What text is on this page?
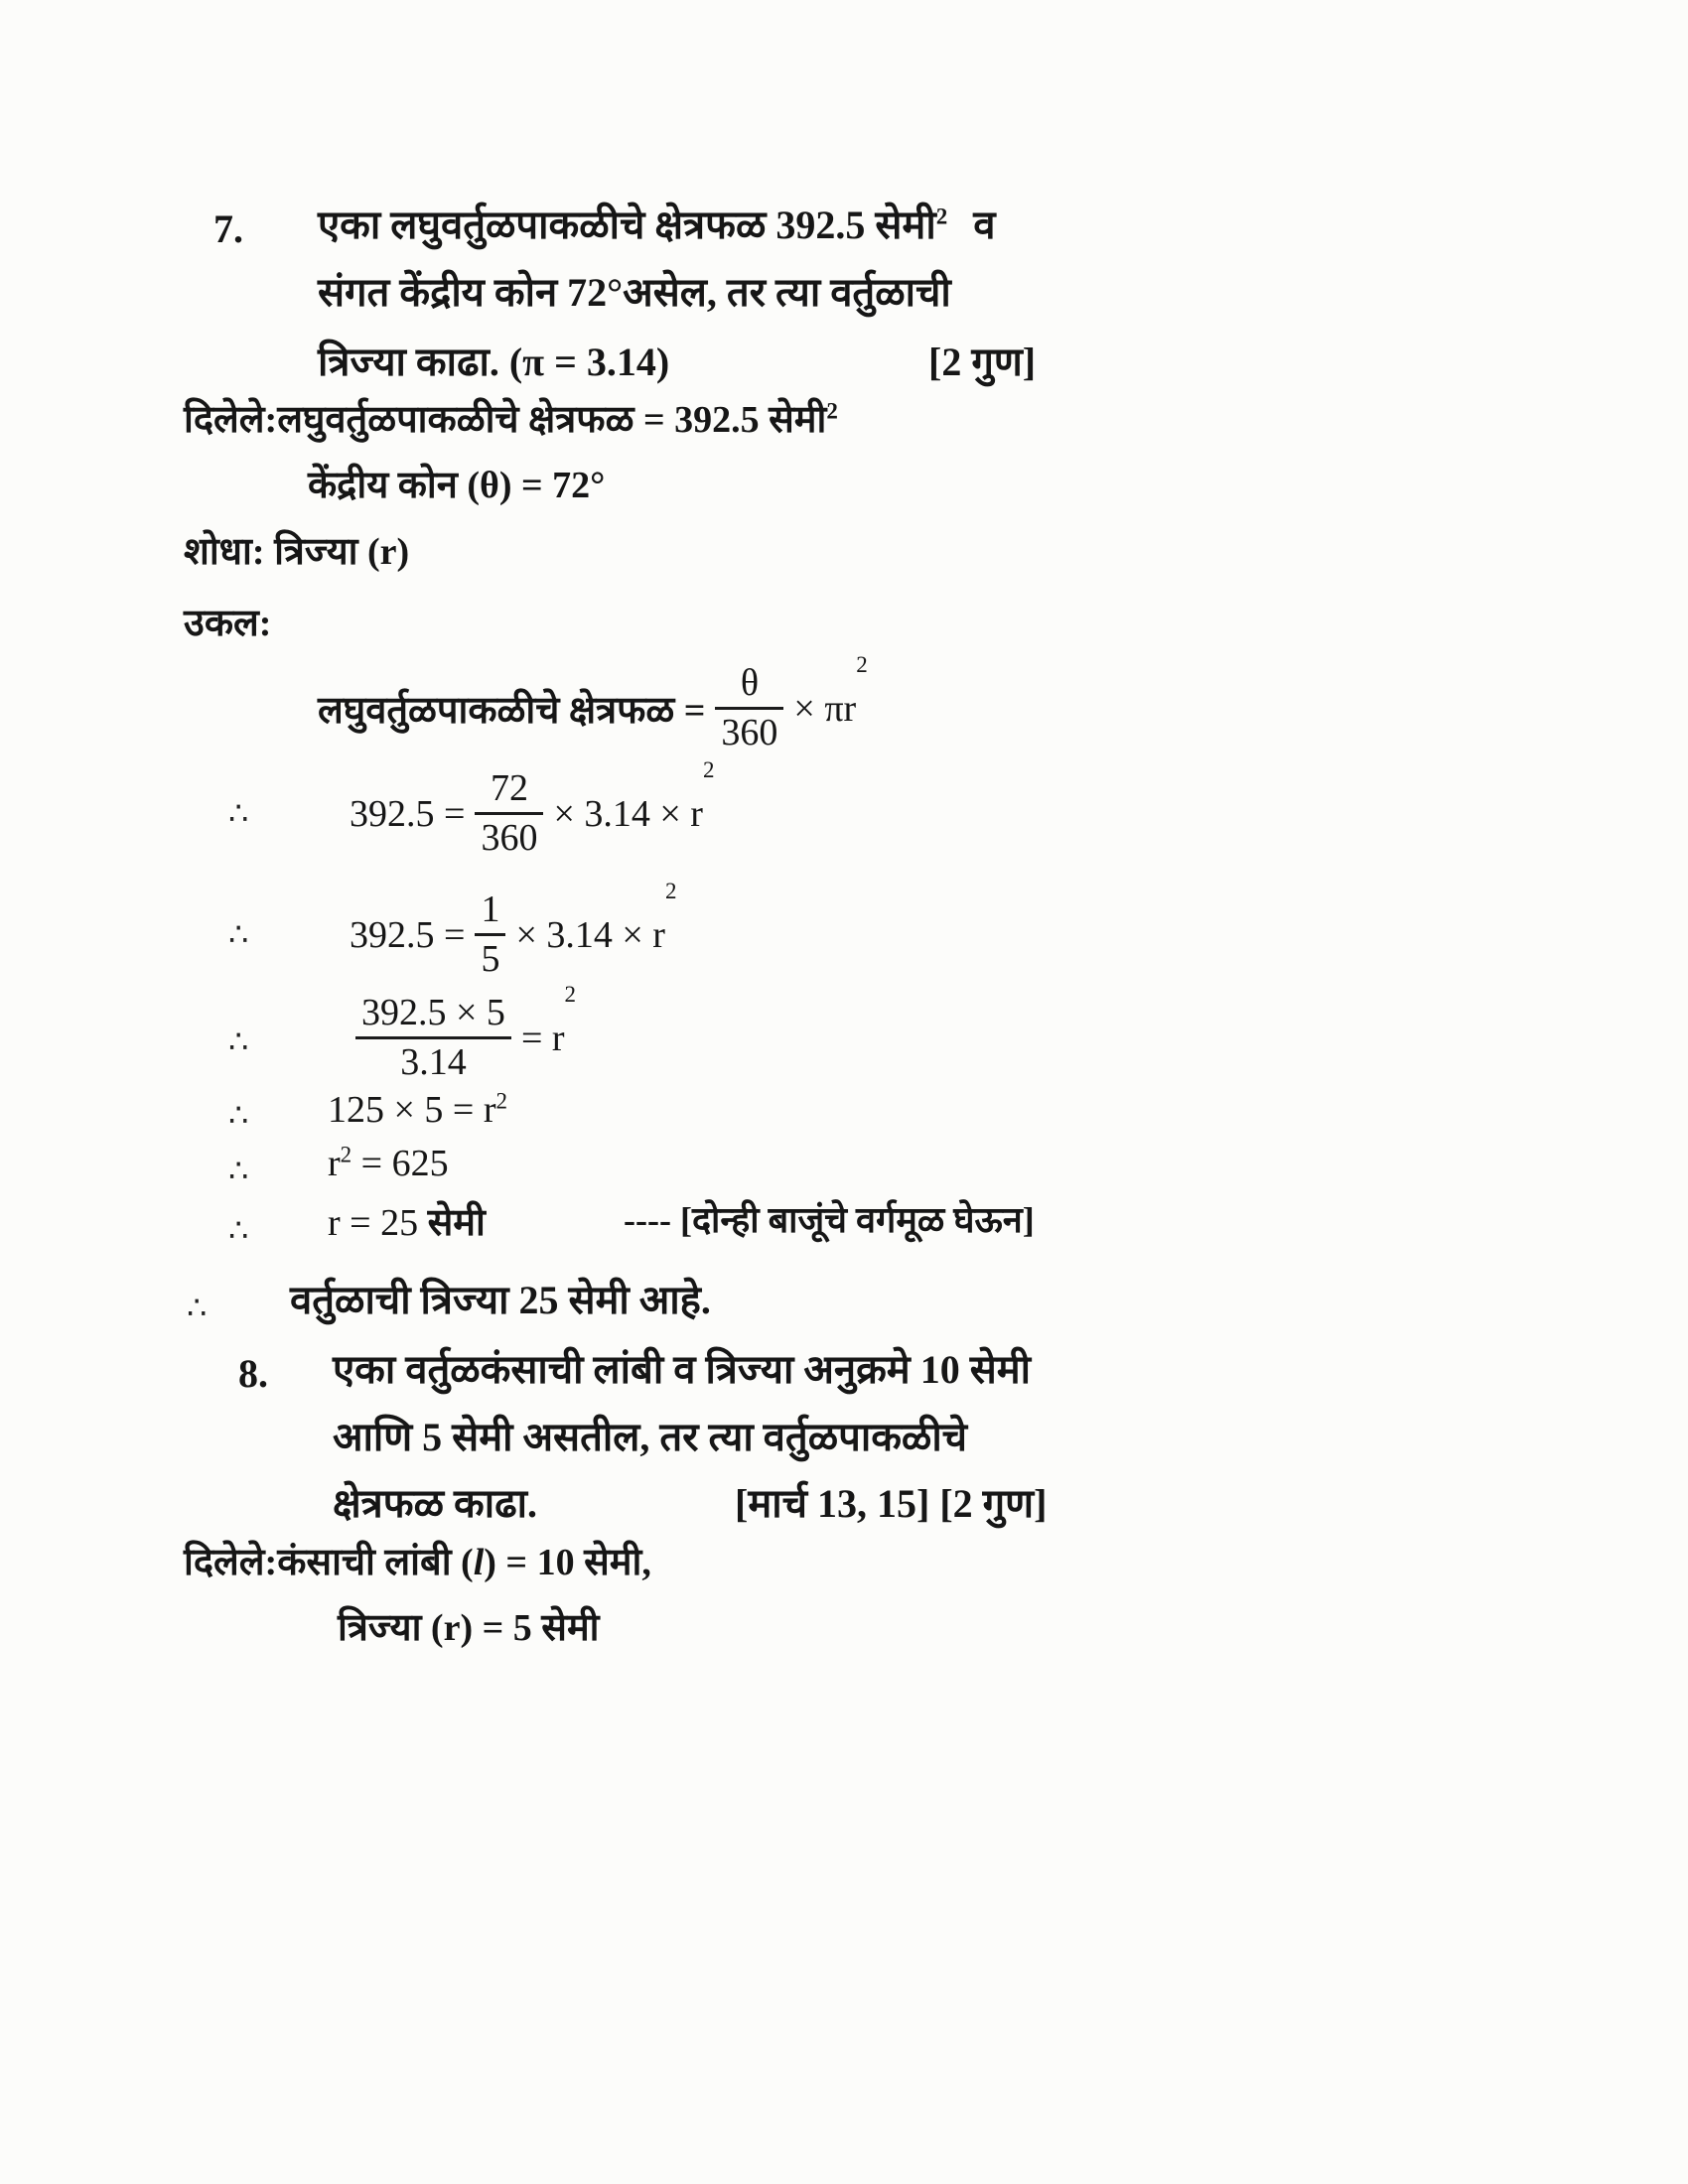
7. एका लघुवर्तुळपाकळीचे क्षेत्रफळ 392.5 सेमी$^2$ व
संगत केंद्रीय कोन 72°असेल, तर त्या वर्तुळाची
त्रिज्या काढा. (π = 3.14)	[2 गुण]
दिलेले:लघुवर्तुळपाकळीचे क्षेत्रफळ = 392.5 सेमी$^2$
केंद्रीय कोन (θ) = 72°
शोधा: त्रिज्या (r)
उकल:
लघुवर्तुळपाकळीचे क्षेत्रफळ = $\frac{\theta}{360} \times \pi r$
2
∴	$392.5 = \frac{72}{360} \times 3.14 \times r$
2
∴	$392.5 = \frac{1}{5} \times 3.14 \times r$
2
∴	$\frac{392.5 \times 5}{3.14} = r$
2
∴ $125 \times 5 = r^2$
∴ $r^2 = 625$
∴ r = 25 सेमी	---- [दोन्ही बाजूंचे वर्गमूळ घेऊन]
∴ वर्तुळाची त्रिज्या 25 सेमी आहे.
8. एका वर्तुळकंसाची लांबी व त्रिज्या अनुक्रमे 10 सेमी
आणि 5 सेमी असतील, तर त्या वर्तुळपाकळीचे
क्षेत्रफळ काढा.	[मार्च 13, 15] [2 गुण]
दिलेले:कंसाची लांबी (l) = 10 सेमी,
त्रिज्या (r) = 5 सेमी
